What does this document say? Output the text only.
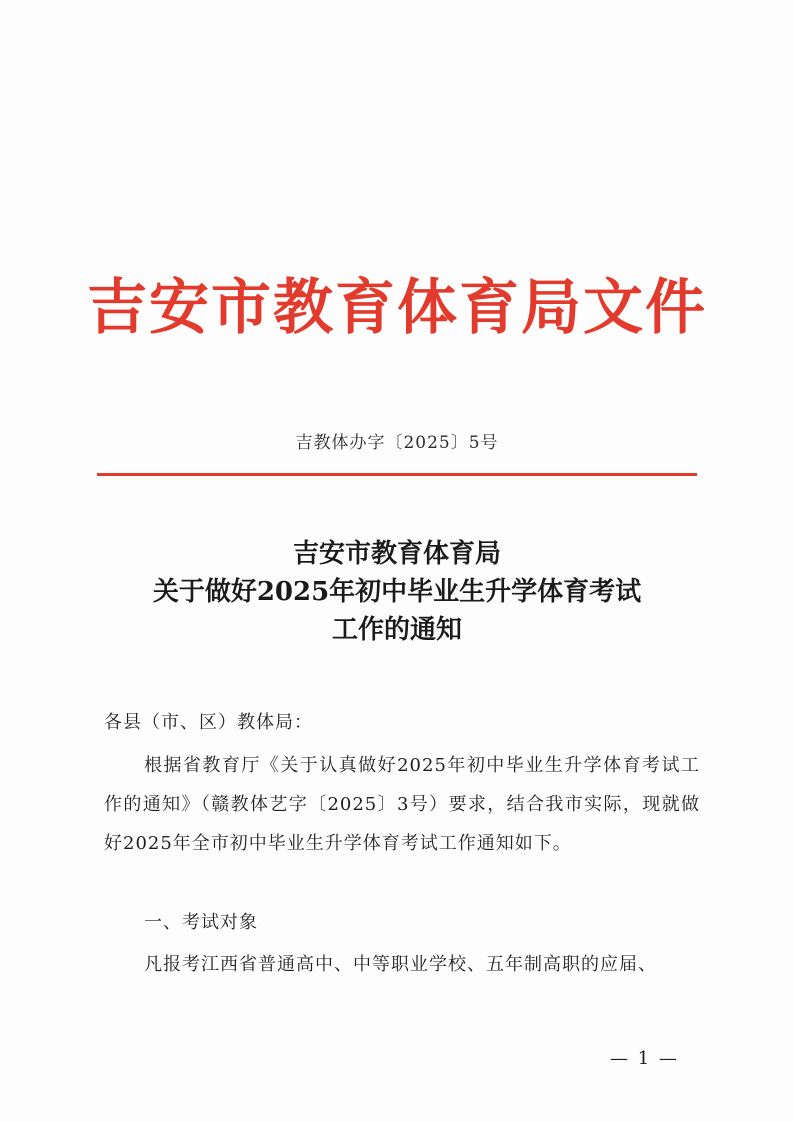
吉安市教育体育局文件
吉教体办字〔2025〕5号
吉安市教育体育局
关于做好2025年初中毕业生升学体育考试
工作的通知
各县（市、区）教体局：

根据省教育厅《关于认真做好2025年初中毕业生升学体育考试工作的通知》（赣教体艺字〔2025〕3号）要求，结合我市实际，现就做好2025年全市初中毕业生升学体育考试工作通知如下。

一、考试对象
凡报考江西省普通高中、中等职业学校、五年制高职的应届、
— 1 —
